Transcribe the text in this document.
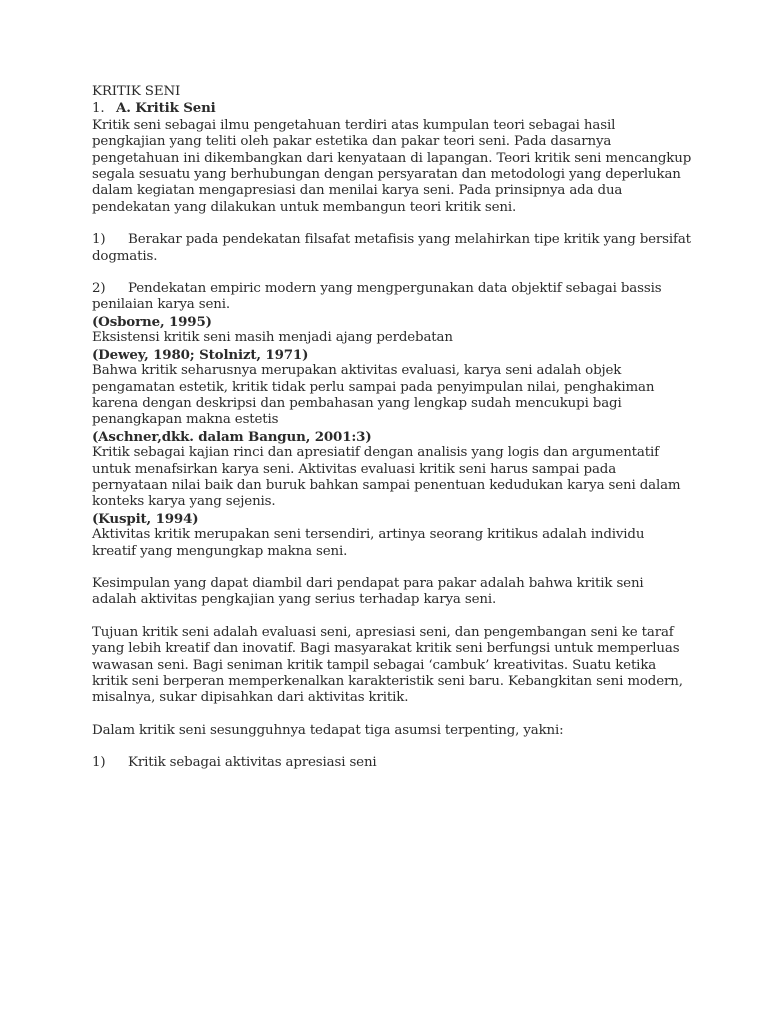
KRITIK SENI

1. A. Kritik Seni

Kritik seni sebagai ilmu pengetahuan terdiri atas kumpulan teori sebagai hasil pengkajian yang teliti oleh pakar estetika dan pakar teori seni. Pada dasarnya pengetahuan ini dikembangkan dari kenyataan di lapangan. Teori kritik seni mencangkup segala sesuatu yang berhubungan dengan persyaratan dan metodologi yang deperlukan dalam kegiatan mengapresiasi dan menilai karya seni. Pada prinsipnya ada dua pendekatan yang dilakukan untuk membangun teori kritik seni.

1) Berakar pada pendekatan filsafat metafisis yang melahirkan tipe kritik yang bersifat dogmatis.

2) Pendekatan empiric modern yang mengpergunakan data objektif sebagai bassis penilaian karya seni.

(Osborne, 1995)

Eksistensi kritik seni masih menjadi ajang perdebatan

(Dewey, 1980; Stolnizt, 1971)

Bahwa kritik seharusnya merupakan aktivitas evaluasi, karya seni adalah objek pengamatan estetik, kritik tidak perlu sampai pada penyimpulan nilai, penghakiman karena dengan deskripsi dan pembahasan yang lengkap sudah mencukupi bagi penangkapan makna estetis

(Aschner,dkk. dalam Bangun, 2001:3)

Kritik sebagai kajian rinci dan apresiatif dengan analisis yang logis dan argumentatif untuk menafsirkan karya seni. Aktivitas evaluasi kritik seni harus sampai pada pernyataan nilai baik dan buruk bahkan sampai penentuan kedudukan karya seni dalam konteks karya yang sejenis.

(Kuspit, 1994)

Aktivitas kritik merupakan seni tersendiri, artinya seorang kritikus adalah individu kreatif yang mengungkap makna seni.

Kesimpulan yang dapat diambil dari pendapat para pakar adalah bahwa kritik seni adalah aktivitas pengkajian yang serius terhadap karya seni.

Tujuan kritik seni adalah evaluasi seni, apresiasi seni, dan pengembangan seni ke taraf yang lebih kreatif dan inovatif. Bagi masyarakat kritik seni berfungsi untuk memperluas wawasan seni. Bagi seniman kritik tampil sebagai ‘cambuk’ kreativitas. Suatu ketika kritik seni berperan memperkenalkan karakteristik seni baru. Kebangkitan seni modern, misalnya, sukar dipisahkan dari aktivitas kritik.

Dalam kritik seni sesungguhnya tedapat tiga asumsi terpenting, yakni:

1) Kritik sebagai aktivitas apresiasi seni
